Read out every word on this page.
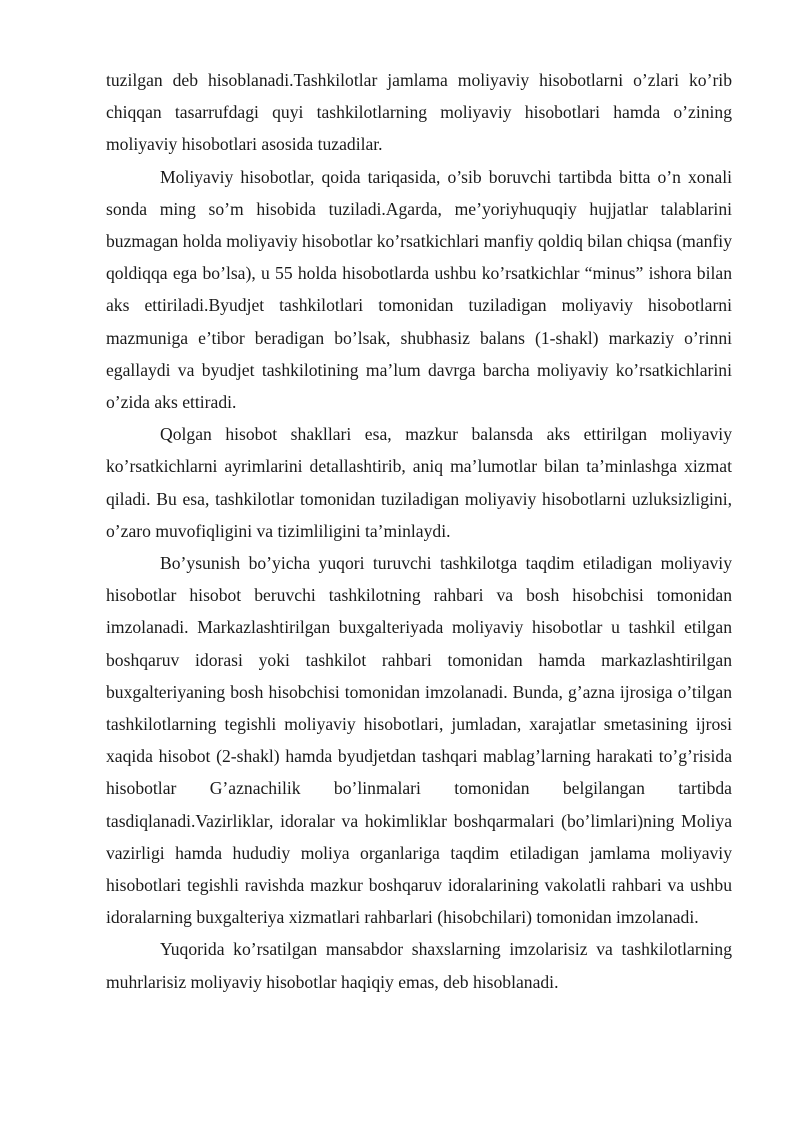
tuzilgan deb hisoblanadi.Tashkilotlar jamlama moliyaviy hisobotlarni o’zlari ko’rib chiqqan tasarrufdagi quyi tashkilotlarning moliyaviy hisobotlari hamda o’zining moliyaviy hisobotlari asosida tuzadilar.

Moliyaviy hisobotlar, qoida tariqasida, o’sib boruvchi tartibda bitta o’n xonali sonda ming so’m hisobida tuziladi.Agarda, me’yoriyhuquqiy hujjatlar talablarini buzmagan holda moliyaviy hisobotlar ko’rsatkichlari manfiy qoldiq bilan chiqsa (manfiy qoldiqqa ega bo’lsa), u 55 holda hisobotlarda ushbu ko’rsatkichlar “minus” ishora bilan aks ettiriladi.Byudjet tashkilotlari tomonidan tuziladigan moliyaviy hisobotlarni mazmuniga e’tibor beradigan bo’lsak, shubhasiz balans (1-shakl) markaziy o’rinni egallaydi va byudjet tashkilotining ma’lum davrga barcha moliyaviy ko’rsatkichlarini o’zida aks ettiradi.

Qolgan hisobot shakllari esa, mazkur balansda aks ettirilgan moliyaviy ko’rsatkichlarni ayrimlarini detallashtirib, aniq ma’lumotlar bilan ta’minlashga xizmat qiladi. Bu esa, tashkilotlar tomonidan tuziladigan moliyaviy hisobotlarni uzluksizligini, o’zaro muvofiqligini va tizimliligini ta’minlaydi.

Bo’ysunish bo’yicha yuqori turuvchi tashkilotga taqdim etiladigan moliyaviy hisobotlar hisobot beruvchi tashkilotning rahbari va bosh hisobchisi tomonidan imzolanadi. Markazlashtirilgan buxgalteriyada moliyaviy hisobotlar u tashkil etilgan boshqaruv idorasi yoki tashkilot rahbari tomonidan hamda markazlashtirilgan buxgalteriyaning bosh hisobchisi tomonidan imzolanadi. Bunda, g’azna ijrosiga o’tilgan tashkilotlarning tegishli moliyaviy hisobotlari, jumladan, xarajatlar smetasining ijrosi xaqida hisobot (2-shakl) hamda byudjetdan tashqari mablag’larning harakati to’g’risida hisobotlar G’aznachilik bo’linmalari tomonidan belgilangan tartibda tasdiqlanadi.Vazirliklar, idoralar va hokimliklar boshqarmalari (bo’limlari)ning Moliya vazirligi hamda hududiy moliya organlariga taqdim etiladigan jamlama moliyaviy hisobotlari tegishli ravishda mazkur boshqaruv idoralarining vakolatli rahbari va ushbu idoralarning buxgalteriya xizmatlari rahbarlari (hisobchilari) tomonidan imzolanadi.

Yuqorida ko’rsatilgan mansabdor shaxslarning imzolarisiz va tashkilotlarning muhrlarisiz moliyaviy hisobotlar haqiqiy emas, deb hisoblanadi.
